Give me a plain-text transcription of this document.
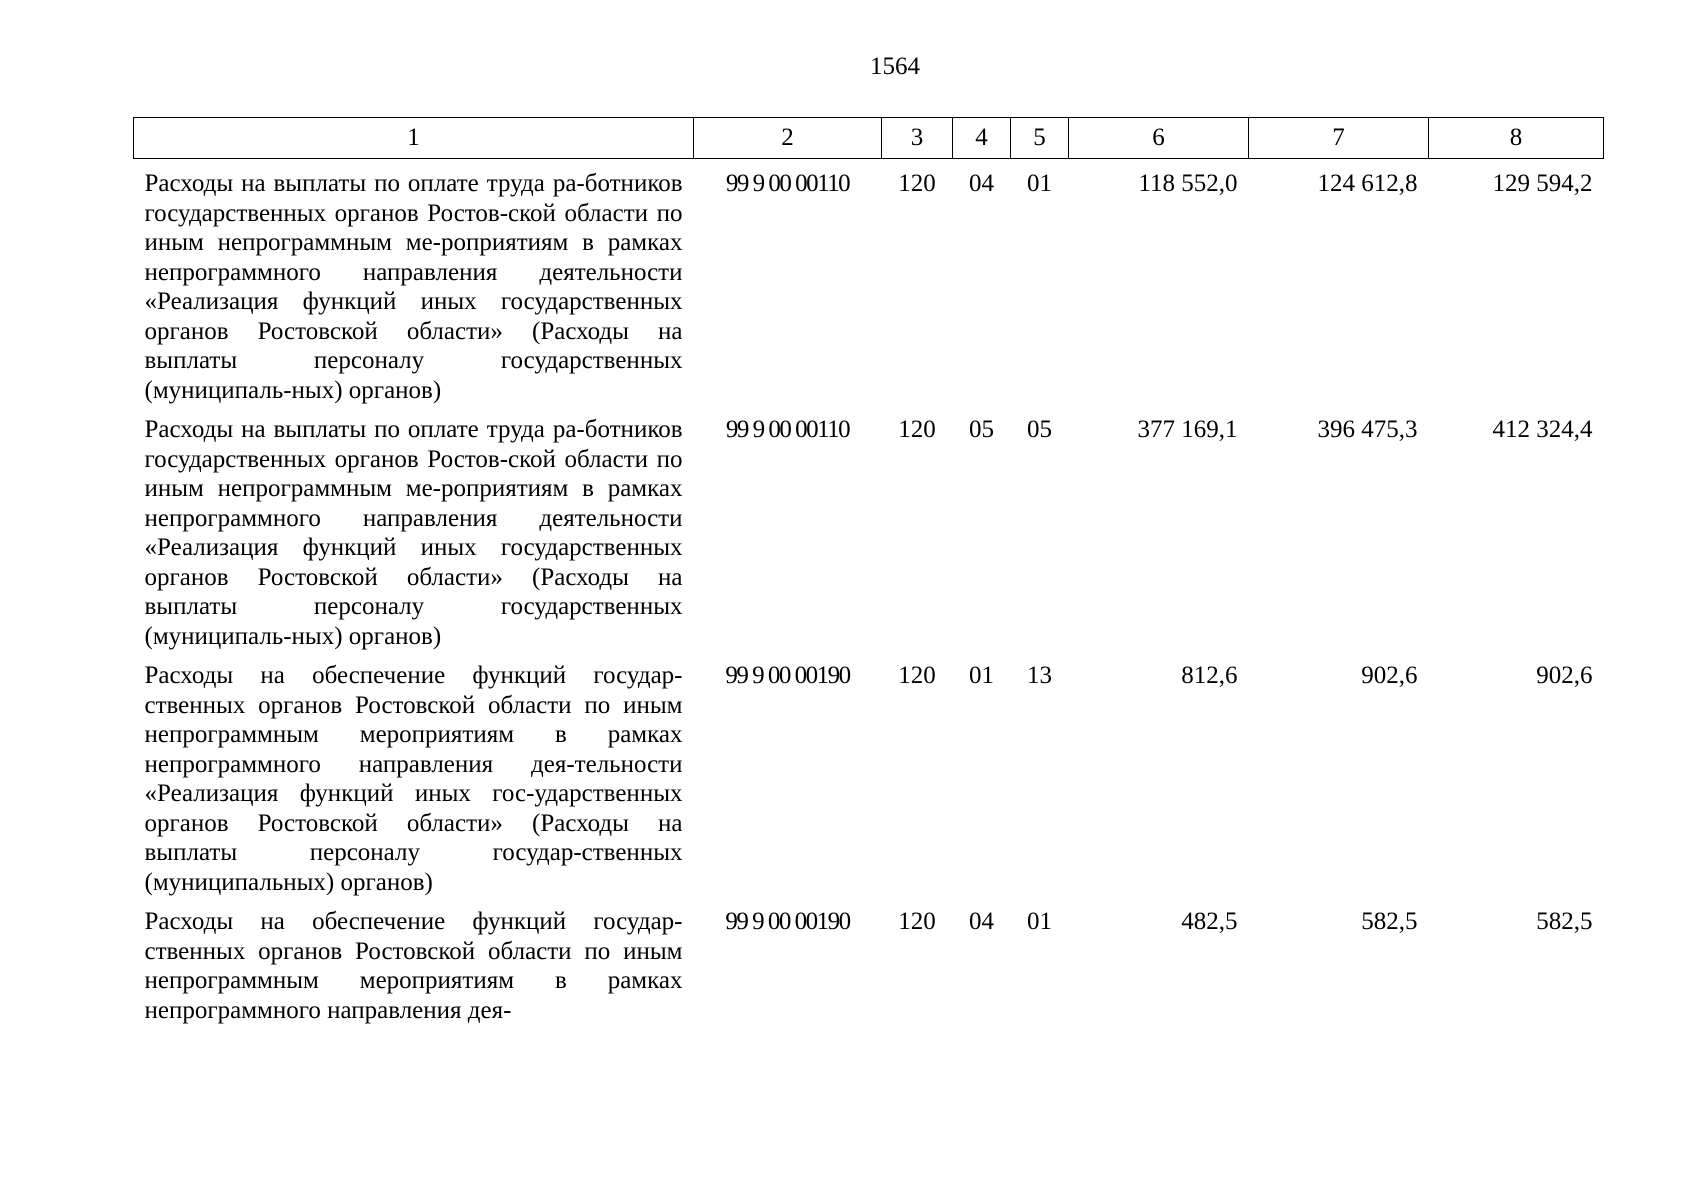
1564
1	2	3	4	5	6	7	8
Расходы на выплаты по оплате труда ра-ботников государственных органов Ростов-ской области по иным непрограммным ме-роприятиям в рамках непрограммного направления деятельности «Реализация функций иных государственных органов Ростовской области» (Расходы на выплаты персоналу государственных (муниципаль-ных) органов)	99 9 00 00110	120	04	01	118 552,0	124 612,8	129 594,2
Расходы на выплаты по оплате труда ра-ботников государственных органов Ростов-ской области по иным непрограммным ме-роприятиям в рамках непрограммного направления деятельности «Реализация функций иных государственных органов Ростовской области» (Расходы на выплаты персоналу государственных (муниципаль-ных) органов)	99 9 00 00110	120	05	05	377 169,1	396 475,3	412 324,4
Расходы на обеспечение функций государ-ственных органов Ростовской области по иным непрограммным мероприятиям в рамках непрограммного направления дея-тельности «Реализация функций иных гос-ударственных органов Ростовской области» (Расходы на выплаты персоналу государ-ственных (муниципальных) органов)	99 9 00 00190	120	01	13	812,6	902,6	902,6
Расходы на обеспечение функций государ-ственных органов Ростовской области по иным непрограммным мероприятиям в рамках непрограммного направления дея-	99 9 00 00190	120	04	01	482,5	582,5	582,5
